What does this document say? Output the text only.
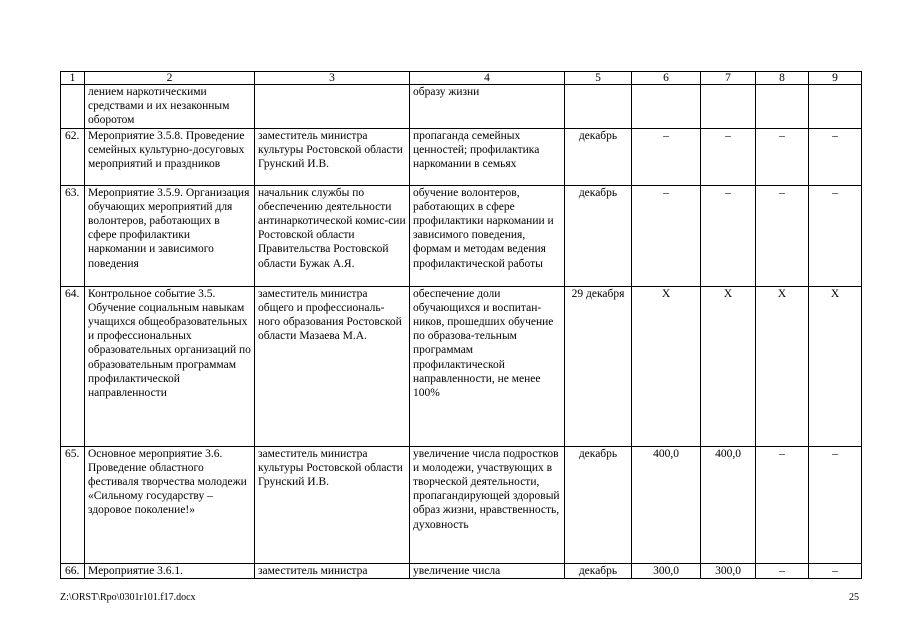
1	2	3	4	5	6	7	8	9
	лением наркотическими средствами и их незаконным оборотом		образу жизни					
62.	Мероприятие 3.5.8. Проведение семейных культурно-досуговых мероприятий и праздников	заместитель министра культуры Ростовской области Грунский И.В.	пропаганда семейных ценностей; профилактика наркомании в семьях	декабрь	–	–	–	–
63.	Мероприятие 3.5.9. Организация обучающих мероприятий для волонтеров, работающих в сфере профилактики наркомании и зависимого поведения	начальник службы по обеспечению деятельности антинаркотической комис-сии Ростовской области Правительства Ростовской области Бужак А.Я.	обучение волонтеров, работающих в сфере профилактики наркомании и зависимого поведения, формам и методам ведения профилактической работы	декабрь	–	–	–	–
64.	Контрольное событие 3.5. Обучение социальным навыкам учащихся общеобразовательных и профессиональных образовательных организаций по образовательным программам профилактической направленности	заместитель министра общего и профессиональ-ного образования Ростовской области Мазаева М.А.	обеспечение доли обучающихся и воспитан-ников, прошедших обучение по образова-тельным программам профилактической направленности, не менее 100%	29 декабря	Х	Х	Х	Х
65.	Основное мероприятие 3.6. Проведение областного фестиваля творчества молодежи «Сильному государству – здоровое поколение!»	заместитель министра культуры Ростовской области Грунский И.В.	увеличение числа подростков и молодежи, участвующих в творческой деятельности, пропагандирующей здоровый образ жизни, нравственность, духовность	декабрь	400,0	400,0	–	–
66.	Мероприятие 3.6.1.	заместитель министра	увеличение числа	декабрь	300,0	300,0	–	–
Z:\ORST\Rpo\0301r101.f17.docx	25
